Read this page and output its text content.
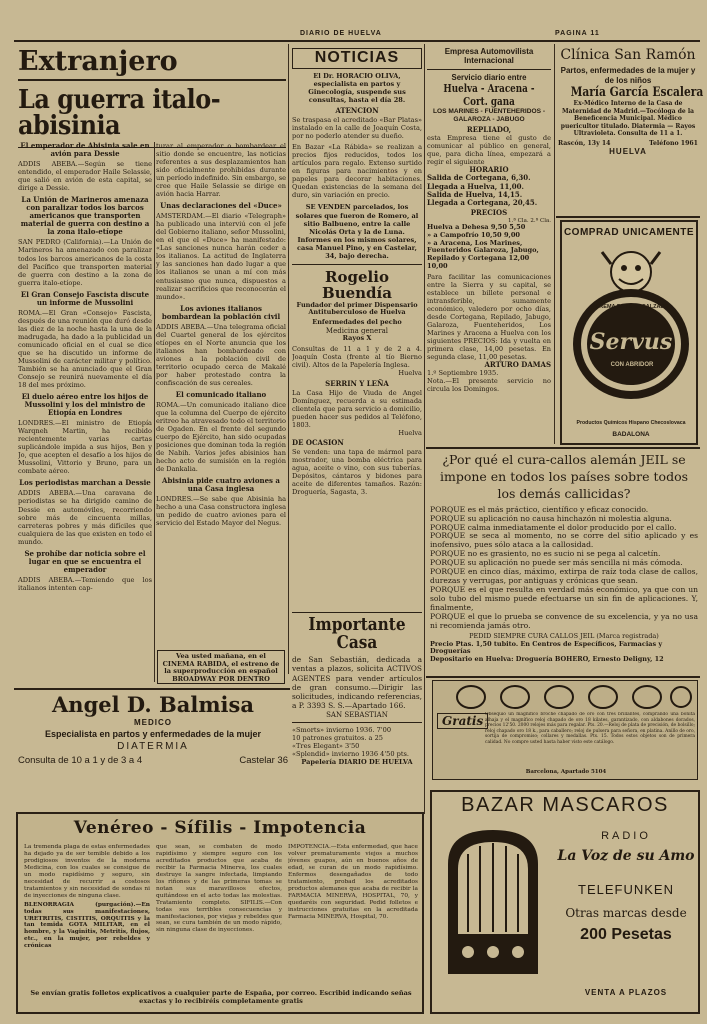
DIARIO DE HUELVA	PAGINA 11
Extranjero
La guerra italo-abisinia
El emperador de Abisinia sale en avión para Dessie
ADDIS ABEBA.—Según se tiene entendido, el emperador Haile Selassie, que salió en avión de esta capital, se dirige a Dessie.
La Unión de Marineros amenaza con paralizar todos los barcos americanos que transporten material de guerra con destino a la zona italo-etíope
SAN PEDRO (California).—La Unión de Marineros ha amenazado con paralizar todos los barcos americanos de la costa del Pacífico que transporten material de guerra con destino a la zona de guerra italo-etíope.
El Gran Consejo Fascista discute un informe de Mussolini
ROMA.—El Gran «Consejo» Fascista, después de una reunión que duró desde las diez de la noche hasta la una de la madrugada, ha dado a la publicidad un comunicado oficial en el cual se dice que se ha discutido un informe de Mussolini de carácter militar y político. También se ha anunciado que el Gran Consejo se reunirá nuevamente el día 18 del mes próximo.
El duelo aéreo entre los hijos de Mussolini y los del ministro de Etiopía en Londres
LONDRES.—El ministro de Etiopía Warqneh Martin, ha recibido recientemente varias cartas suplicándole impida a sus hijos, Ben y Jo, que acepten el desafío a los hijos de Mussolini, Vittorio y Bruno, para un combate aéreo.
Los periodistas marchan a Dessie
ADDIS ABEBA.—Una caravana de periodistas se ha dirigido camino de Dessie en automóviles, recorriendo sobre más de cincuenta millas, carreteras pobres y más difíciles que cualquiera de las que existen en todo el mundo.
Se prohíbe dar noticia sobre el lugar en que se encuentra el emperador
ADDIS ABEBA.—Temiendo que los italianos intenten cap-
turar al emperador o bombardear el sitio donde se encuentre, las noticias referentes a sus desplazamientos han sido oficialmente prohibidas durante un período indefinido. Sin embargo, se cree que Haile Selassie se dirige en avión hacia Harrar.
Unas declaraciones del «Duce»
AMSTERDAM.—El diario «Telegraph» ha publicado una interviú con el jefe del Gobierno italiano, señor Mussolini, en el que el «Duce» ha manifestado: «Las sanciones nunca harán ceder a los italianos. La actitud de Inglaterra y las sanciones han dado lugar a que los italianos se unan a mí con más entusiasmo que nunca, dispuestos a realizar sacrificios que reconocerán el mundo».
Los aviones italianos bombardean la población civil
ADDIS ABEBA.—Una telegrama oficial del Cuartel general de los ejércitos etíopes en el Norte anuncia que los italianos han bombardeado con aviones a la población civil de territorio ocupado cerca de Makalé por haber protestado contra la confiscación de sus cereales.
El comunicado italiano
ROMA.—Un comunicado italiano dice que la columna del Cuerpo de ejército eritreo ha atravesado todo el territorio de Ogaden. En el frente del segundo cuerpo de Ejército, han sido ocupadas posiciones que dominan toda la región de Nabih. Varios jefes abisinios han hecho acto de sumisión en la región de Dankalia.
Abisinia pide cuatro aviones a una Casa inglesa
LONDRES.—Se sabe que Abisinia ha hecho a una Casa constructora inglesa un pedido de cuatro aviones para el servicio del Estado Mayor del Negus.
Vea usted mañana, en el CINEMA RABIDA, el estreno de la superproducción en español BROADWAY POR DENTRO
NOTICIAS
El Dr. HORACIO OLIVA, especialista en partos y Ginecología, suspende sus consultas, hasta el día 28.
ATENCION
Se traspasa el acreditado «Bar Platas» instalado en la calle de Joaquín Costa, por no poderlo atender su dueño.
En Bazar «La Rábida» se realizan a precios fijos reducidos, todos los artículos para regalo. Extenso surtido en figuras para nacimientos y en papeles para decorar habitaciones. Quedan existencias de la semana del duro, sin variación en precio.
SE VENDEN parcelados, los solares que fueron de Romero, al sitio Balbueno, entre la calle Nicolás Orta y la de Luna. Informes en los mismos solares, casa Manuel Pino, y en Castelar, 34, bajo derecha.
Rogelio Buendía
Fundador del primer Dispensario Antituberculoso de Huelva
Enfermedades del pecho
Medicina general
Rayos X
Consultas de 11 a 1 y de 2 a 4. Joaquín Costa (frente al tío Bierno civil). Altos de la Papelería Inglesa.
Huelva
SERRIN Y LEÑA
La Casa Hijo de Viuda de Angel Domínguez, recuerda a su estimada clientela que para servicio a domicilio, pueden hacer sus pedidos al Teléfono, 1803.
Huelva
DE OCASION
Se venden: una tapa de mármol para mostrador, una bomba eléctrica para agua, aceite o vino, con sus tuberías. Depósitos, cántaros y bidones para aceite de diferentes tamaños. Razón: Droguería, Sagasta, 3.
Importante Casa
de San Sebastián, dedicada a ventas a plazos, solicita ACTIVOS AGENTES para vender artículos de gran consumo.—Dirigir las solicitudes, indicando referencias, a P. 3393 S. S.—Apartado 166.
SAN SEBASTIAN
«Smorts» invierno 1936. 7'00
10 patrones gratuitos. a 25
«Tres Elegant» 3'50
«Splendid» invierno 1936 4'50 pts.
Papelería DIARIO DE HUELVA
Empresa Automovilista Internacional
Servicio diario entre
Huelva - Aracena - Cort. gana
LOS MARINES - FUENTEHERIDOS - GALAROZA - JABUGO
REPLIADO,
esta Empresa tiene el gusto de comunicar al público en general, que, para dicha línea, empezará a regir el siguiente
HORARIO
Salida de Cortegana, 6,30.
Llegada a Huelva, 11,00.
Salida de Huelva, 14,15.
Llegada a Cortegana, 20,45.
PRECIOS
1.ª Cla. 2.ª Cla.
Huelva a Dehesa 9,50 5,50
» a Campofrío 10,50 9,00
» a Aracena, Los Marines, Fuenteridos Galaroza, Jabugo, Repilado y Cortegana 12,00 10,00
Para facilitar las comunicaciones entre la Sierra y su capital, se establece un billete personal e intransferible, sumamente económico, valedero por ocho días, desde Cortegana, Repilado, Jabugo, Galaroza, Fuenteheridos, Los Marines y Aracena a Huelva con los siguientes PRECIOS: Ida y vuelta en primera clase, 14,00 pesetas. En segunda clase, 11,00 pesetas.
ARTURO DAMAS
1.º Septiembre 1935.
Nota.—El presente servicio no circula los Domingos.
Clínica San Ramón
Partos, enfermedades de la mujer y de los niños
María García Escalera
Ex-Médico Interno de la Casa de Maternidad de Madrid.—Tocóloga de la Beneficencia Municipal. Médico puericultor titulado. Diatermia — Rayos Ultravioleta. Consulta de 11 a 1.
Rascón, 13y 14	Teléfono 1961
HUELVA
COMPRAD UNICAMENTE
CREMA PARA EL CALZADO
Servus
CON ABRIDOR
Productos Químicos Hispano Checoslovaca
BADALONA
¿Por qué el cura-callos alemán JEIL se impone en todos los países sobre todos los demás callicidas?
PORQUE es el más práctico, científico y eficaz conocido.
PORQUE su aplicación no causa hinchazón ni molestia alguna.
PORQUE calma inmediatamente el dolor producido por el callo.
PORQUE se seca al momento, no se corre del sitio aplicado y es inofensivo, pues sólo ataca a la callosidad.
PORQUE no es grasiento, no es sucio ni se pega al calcetín.
PORQUE su aplicación no puede ser más sencilla ni más cómoda.
PORQUE en cinco días, máximo, extirpa de raíz toda clase de callos, durezas y verrugas, por antiguas y crónicas que sean.
PORQUE es el que resulta en verdad más económico, ya que con un solo tubo del mismo puede efectuarse un sin fin de aplicaciones. Y, finalmente,
PORQUE el que lo prueba se convence de su excelencia, y ya no usa ni recomienda jamás otro.
PEDID SIEMPRE CURA CALLOS JEIL (Marca registrada)
Precio Ptas. 1,50 tubito. En Centros de Específicos, Farmacias y Droguerías
Depositario en Huelva: Droguería BOHERO, Ernesto Deligny, 12
Gratis Obsequio un magnífico broche chapado de oro con tres brillantes, comprando una bonita alhaja y el magnífico reloj chapado de oro 18 kilates, garantizado, con aldabones dorados, precios 12'50. 2000 relojes más para regalar. Pts. 20.—Reloj de plata de precisión, de bolsillo; reloj chapado oro 18 k., para caballero; reloj de pulsera para señora, en platina. Anillo de oro, sortija de compromiso; collares y medallas. Pts. 15. Todos estos objetos son de primera calidad. No compre usted hasta haber visto este catálogo.
Barcelona, Apartado 5104
Angel D. Balmisa
MEDICO
Especialista en partos y enfermedades de la mujer
DIATERMIA
Consulta de 10 a 1 y de 3 a 4	Castelar 36
Venéreo - Sífilis - Impotencia
La tremenda plaga de estas enfermedades ha dejado ya de ser temible debido a los prodigiosos inventos de la moderna Medicina, con los cuales se consigue de un modo rapidísimo y seguro, sin necesidad de recurrir a costosos tratamientos y sin necesidad de sondas ni de inyecciones de ninguna clase.
BLENORRAGIA (purgación).—En todas sus manifestaciones, URETRITIS, CISTITIS, ORQUITIS y la tan temida GOTA MILITAR, en el hombre, y la Vaginitis, Metritis, flujos, etc., en la mujer, por rebeldes y crónicas
que sean, se combaten de modo rapidísimo y siempre seguro con los acreditados productos que acaba de recibir la Farmacia Minerva, los cuales destruye la sangre infectada, limpiando los riñones y de las primeras tomas se notan sus maravillosos efectos, quitándose en el acto todas las molestias. Tratamiento completo. SIFILIS.—Con todas sus terribles consecuencias y manifestaciones, por viejas y rebeldes que sean, se cura también de un modo rápido, sin ninguna clase de inyecciones.
IMPOTENCIA.—Esta enfermedad, que hace volver prematuramente viejos a muchos jóvenes guapos, aún en buenos años de edad, se curan de un modo rapidísimo. Enfermos desengañados de todo tratamiento, probad los acreditados productos alemanes que acaba de recibir la FARMACIA MINERVA, HOSPITAL, 70, y quedaréis con seguridad. Pedid folletos e instrucciones gratuitas en la acreditada Farmacia MINERVA, Hospital, 70.
Se envían gratis folletos explicativos a cualquier parte de España, por correo. Escribid indicando señas exactas y lo recibiréis completamente gratis
BAZAR MASCAROS
RADIO
La Voz de su Amo
TELEFUNKEN
Otras marcas desde
200 Pesetas
VENTA A PLAZOS
